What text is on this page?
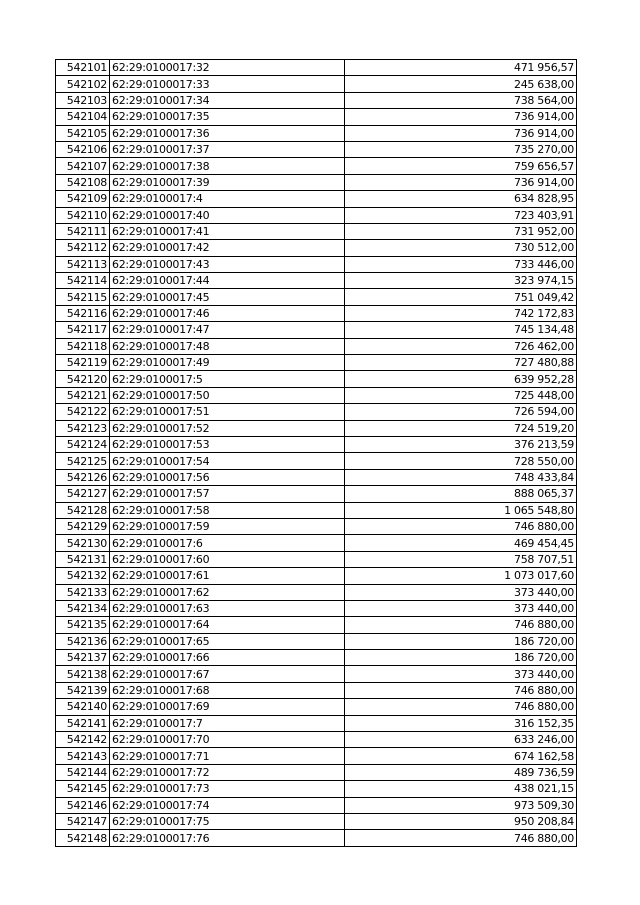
542101	62:29:0100017:32	471 956,57
542102	62:29:0100017:33	245 638,00
542103	62:29:0100017:34	738 564,00
542104	62:29:0100017:35	736 914,00
542105	62:29:0100017:36	736 914,00
542106	62:29:0100017:37	735 270,00
542107	62:29:0100017:38	759 656,57
542108	62:29:0100017:39	736 914,00
542109	62:29:0100017:4	634 828,95
542110	62:29:0100017:40	723 403,91
542111	62:29:0100017:41	731 952,00
542112	62:29:0100017:42	730 512,00
542113	62:29:0100017:43	733 446,00
542114	62:29:0100017:44	323 974,15
542115	62:29:0100017:45	751 049,42
542116	62:29:0100017:46	742 172,83
542117	62:29:0100017:47	745 134,48
542118	62:29:0100017:48	726 462,00
542119	62:29:0100017:49	727 480,88
542120	62:29:0100017:5	639 952,28
542121	62:29:0100017:50	725 448,00
542122	62:29:0100017:51	726 594,00
542123	62:29:0100017:52	724 519,20
542124	62:29:0100017:53	376 213,59
542125	62:29:0100017:54	728 550,00
542126	62:29:0100017:56	748 433,84
542127	62:29:0100017:57	888 065,37
542128	62:29:0100017:58	1 065 548,80
542129	62:29:0100017:59	746 880,00
542130	62:29:0100017:6	469 454,45
542131	62:29:0100017:60	758 707,51
542132	62:29:0100017:61	1 073 017,60
542133	62:29:0100017:62	373 440,00
542134	62:29:0100017:63	373 440,00
542135	62:29:0100017:64	746 880,00
542136	62:29:0100017:65	186 720,00
542137	62:29:0100017:66	186 720,00
542138	62:29:0100017:67	373 440,00
542139	62:29:0100017:68	746 880,00
542140	62:29:0100017:69	746 880,00
542141	62:29:0100017:7	316 152,35
542142	62:29:0100017:70	633 246,00
542143	62:29:0100017:71	674 162,58
542144	62:29:0100017:72	489 736,59
542145	62:29:0100017:73	438 021,15
542146	62:29:0100017:74	973 509,30
542147	62:29:0100017:75	950 208,84
542148	62:29:0100017:76	746 880,00
